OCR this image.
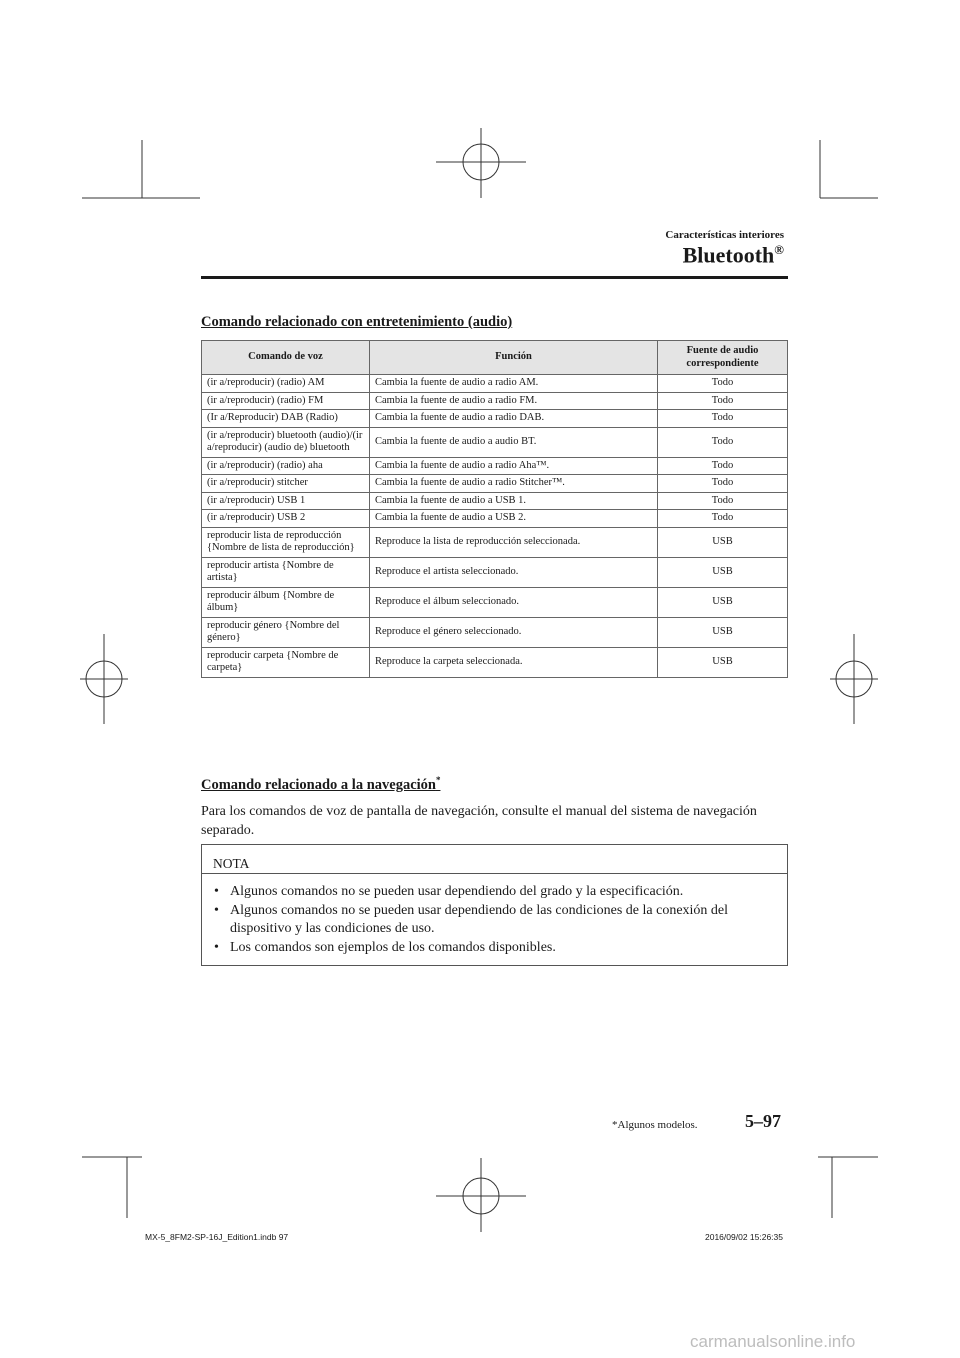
Características interiores
Bluetooth®
Comando relacionado con entretenimiento (audio)
Comando de voz	Función	Fuente de audio correspondiente
(ir a/reproducir) (radio) AM	Cambia la fuente de audio a radio AM.	Todo
(ir a/reproducir) (radio) FM	Cambia la fuente de audio a radio FM.	Todo
(Ir a/Reproducir) DAB (Radio)	Cambia la fuente de audio a radio DAB.	Todo
(ir a/reproducir) bluetooth (audio)/(ir a/reproducir) (audio de) bluetooth	Cambia la fuente de audio a audio BT.	Todo
(ir a/reproducir) (radio) aha	Cambia la fuente de audio a radio Aha™.	Todo
(ir a/reproducir) stitcher	Cambia la fuente de audio a radio Stitcher™.	Todo
(ir a/reproducir) USB 1	Cambia la fuente de audio a USB 1.	Todo
(ir a/reproducir) USB 2	Cambia la fuente de audio a USB 2.	Todo
reproducir lista de reproducción {Nombre de lista de reproducción}	Reproduce la lista de reproducción seleccionada.	USB
reproducir artista {Nombre de artista}	Reproduce el artista seleccionado.	USB
reproducir álbum {Nombre de álbum}	Reproduce el álbum seleccionado.	USB
reproducir género {Nombre del género}	Reproduce el género seleccionado.	USB
reproducir carpeta {Nombre de carpeta}	Reproduce la carpeta seleccionada.	USB
Comando relacionado a la navegación*
Para los comandos de voz de pantalla de navegación, consulte el manual del sistema de navegación separado.
NOTA
• Algunos comandos no se pueden usar dependiendo del grado y la especificación.
• Algunos comandos no se pueden usar dependiendo de las condiciones de la conexión del dispositivo y las condiciones de uso.
• Los comandos son ejemplos de los comandos disponibles.
*Algunos modelos.	5–97
MX-5_8FM2-SP-16J_Edition1.indb 97	2016/09/02 15:26:35
carmanualsonline.info
